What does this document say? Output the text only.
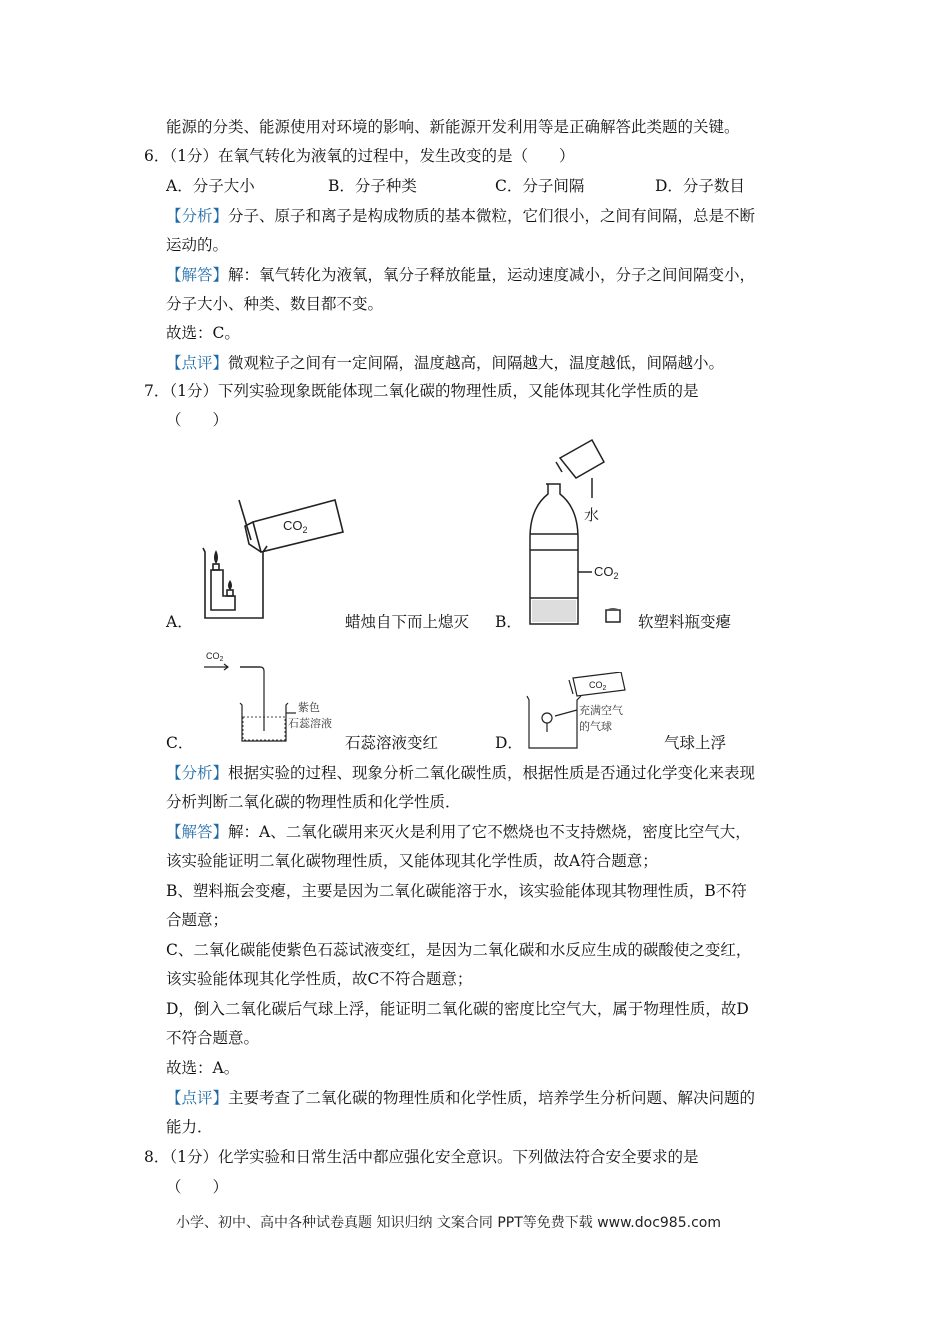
能源的分类、能源使用对环境的影响、新能源开发利用等是正确解答此类题的关键。
6．（1分）在氧气转化为液氧的过程中，发生改变的是（　　）
A．分子大小	B．分子种类	C．分子间隔	D．分子数目
【分析】分子、原子和离子是构成物质的基本微粒，它们很小，之间有间隔，总是不断
运动的。
【解答】解：氧气转化为液氧，氧分子释放能量，运动速度减小，分子之间间隔变小，
分子大小、种类、数目都不变。
故选：C。
【点评】微观粒子之间有一定间隔，温度越高，间隔越大，温度越低，间隔越小。
7．（1分）下列实验现象既能体现二氧化碳的物理性质，又能体现其化学性质的是
（　　）
$CO_2$
水
$CO_2$
A．	蜡烛自下而上熄灭 B．	软塑料瓶变瘪
$CO_2$
紫色
石蕊溶液
$CO_2$
充满空气
的气球
C．	石蕊溶液变红	D．	气球上浮
【分析】根据实验的过程、现象分析二氧化碳性质，根据性质是否通过化学变化来表现
分析判断二氧化碳的物理性质和化学性质．
【解答】解：A、二氧化碳用来灭火是利用了它不燃烧也不支持燃烧，密度比空气大，
该实验能证明二氧化碳物理性质，又能体现其化学性质，故A符合题意；
B、塑料瓶会变瘪，主要是因为二氧化碳能溶于水，该实验能体现其物理性质，B不符
合题意；
C、二氧化碳能使紫色石蕊试液变红，是因为二氧化碳和水反应生成的碳酸使之变红，
该实验能体现其化学性质，故C不符合题意；
D，倒入二氧化碳后气球上浮，能证明二氧化碳的密度比空气大，属于物理性质，故D
不符合题意。
故选：A。
【点评】主要考查了二氧化碳的物理性质和化学性质，培养学生分析问题、解决问题的
能力．
8．（1分）化学实验和日常生活中都应强化安全意识。下列做法符合安全要求的是
（　　）
小学、初中、高中各种试卷真题 知识归纳 文案合同 PPT等免费下载 www.doc985.com
